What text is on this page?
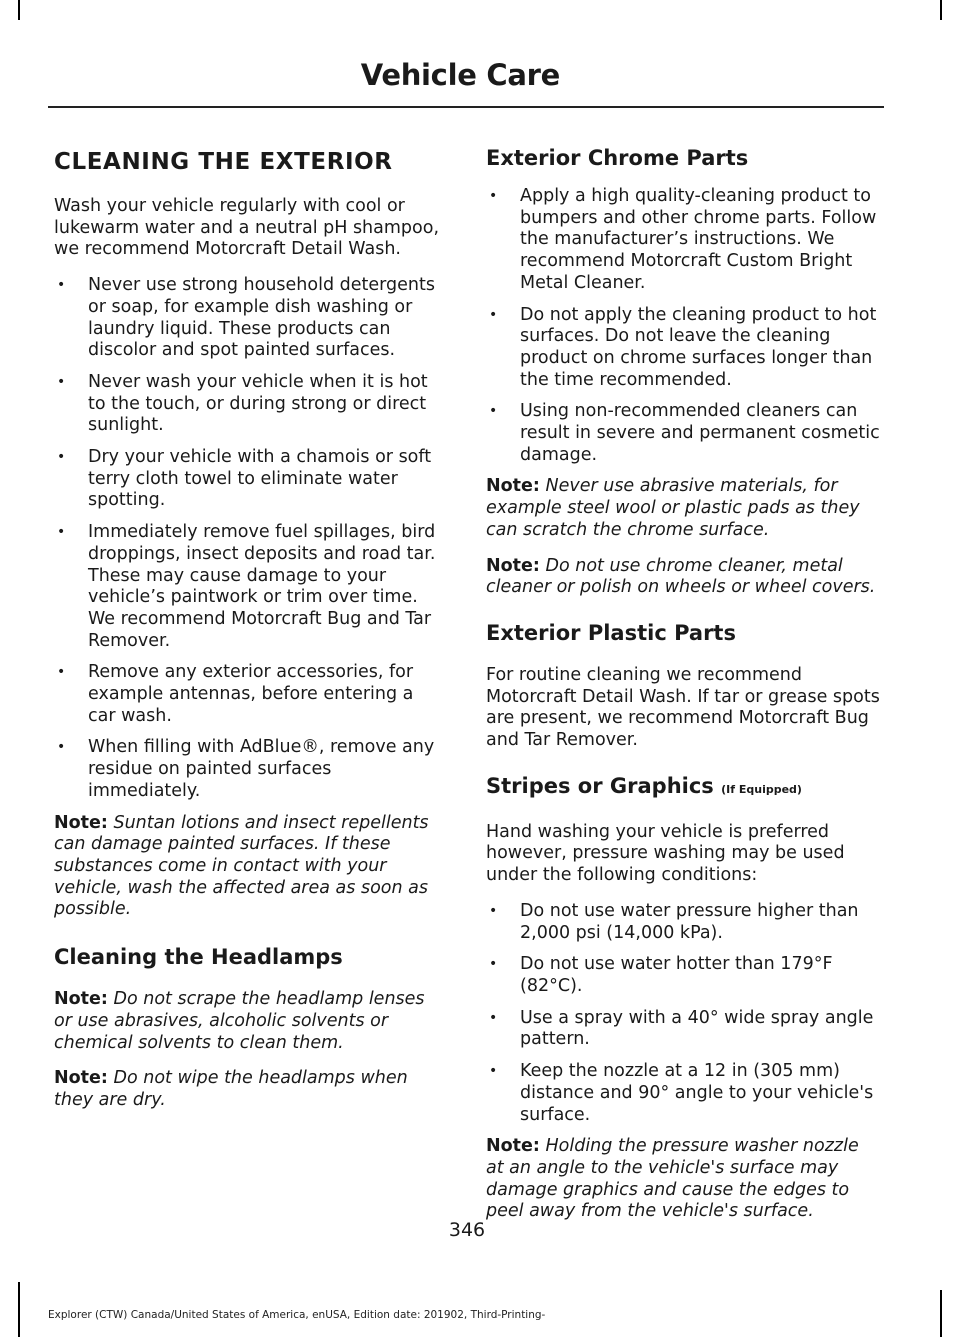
Vehicle Care
CLEANING THE EXTERIOR

Wash your vehicle regularly with cool or lukewarm water and a neutral pH shampoo, we recommend Motorcraft Detail Wash.

• Never use strong household detergents or soap, for example dish washing or laundry liquid. These products can discolor and spot painted surfaces.
• Never wash your vehicle when it is hot to the touch, or during strong or direct sunlight.
• Dry your vehicle with a chamois or soft terry cloth towel to eliminate water spotting.
• Immediately remove fuel spillages, bird droppings, insect deposits and road tar. These may cause damage to your vehicle’s paintwork or trim over time. We recommend Motorcraft Bug and Tar Remover.
• Remove any exterior accessories, for example antennas, before entering a car wash.
• When filling with AdBlue®, remove any residue on painted surfaces immediately.

Note: Suntan lotions and insect repellents can damage painted surfaces. If these substances come in contact with your vehicle, wash the affected area as soon as possible.

Cleaning the Headlamps

Note: Do not scrape the headlamp lenses or use abrasives, alcoholic solvents or chemical solvents to clean them.

Note: Do not wipe the headlamps when they are dry.

Exterior Chrome Parts
• Apply a high quality-cleaning product to bumpers and other chrome parts. Follow the manufacturer’s instructions. We recommend Motorcraft Custom Bright Metal Cleaner.
• Do not apply the cleaning product to hot surfaces. Do not leave the cleaning product on chrome surfaces longer than the time recommended.
• Using non-recommended cleaners can result in severe and permanent cosmetic damage.

Note: Never use abrasive materials, for example steel wool or plastic pads as they can scratch the chrome surface.

Note: Do not use chrome cleaner, metal cleaner or polish on wheels or wheel covers.

Exterior Plastic Parts

For routine cleaning we recommend Motorcraft Detail Wash. If tar or grease spots are present, we recommend Motorcraft Bug and Tar Remover.

Stripes or Graphics (If Equipped)

Hand washing your vehicle is preferred however, pressure washing may be used under the following conditions:

• Do not use water pressure higher than 2,000 psi (14,000 kPa).
• Do not use water hotter than 179°F (82°C).
• Use a spray with a 40° wide spray angle pattern.
• Keep the nozzle at a 12 in (305 mm) distance and 90° angle to your vehicle's surface.

Note: Holding the pressure washer nozzle at an angle to the vehicle's surface may damage graphics and cause the edges to peel away from the vehicle's surface.

346
Explorer (CTW) Canada/United States of America, enUSA, Edition date: 201902, Third-Printing-
